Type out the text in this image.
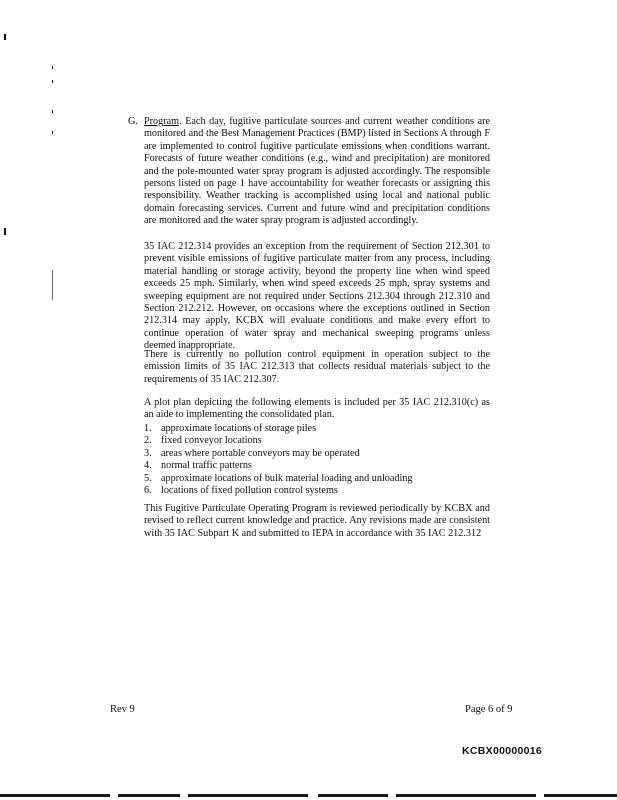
G. Program. Each day, fugitive particulate sources and current weather conditions are monitored and the Best Management Practices (BMP) listed in Sections A through F are implemented to control fugitive particulate emissions when conditions warrant. Forecasts of future weather conditions (e.g., wind and precipitation) are monitored and the pole-mounted water spray program is adjusted accordingly. The responsible persons listed on page 1 have accountability for weather forecasts or assigning this responsibility. Weather tracking is accomplished using local and national public domain forecasting services. Current and future wind and precipitation conditions are monitored and the water spray program is adjusted accordingly.
35 IAC 212.314 provides an exception from the requirement of Section 212.301 to prevent visible emissions of fugitive particulate matter from any process, including material handling or storage activity, beyond the property line when wind speed exceeds 25 mph. Similarly, when wind speed exceeds 25 mph, spray systems and sweeping equipment are not required under Sections 212.304 through 212.310 and Section 212.212. However, on occasions where the exceptions outlined in Section 212.314 may apply, KCBX will evaluate conditions and make every effort to continue operation of water spray and mechanical sweeping programs unless deemed inappropriate.
There is currently no pollution control equipment in operation subject to the emission limits of 35 IAC 212.313 that collects residual materials subject to the requirements of 35 IAC 212.307.
A plot plan depicting the following elements is included per 35 IAC 212.310(c) as an aide to implementing the consolidated plan.
1. approximate locations of storage piles
2. fixed conveyor locations
3. areas where portable conveyors may be operated
4. normal traffic patterns
5. approximate locations of bulk material loading and unloading
6. locations of fixed pollution control systems
This Fugitive Particulate Operating Program is reviewed periodically by KCBX and revised to reflect current knowledge and practice. Any revisions made are consistent with 35 IAC Subpart K and submitted to IEPA in accordance with 35 IAC 212.312
Rev 9	Page 6 of 9
KCBX00000016
